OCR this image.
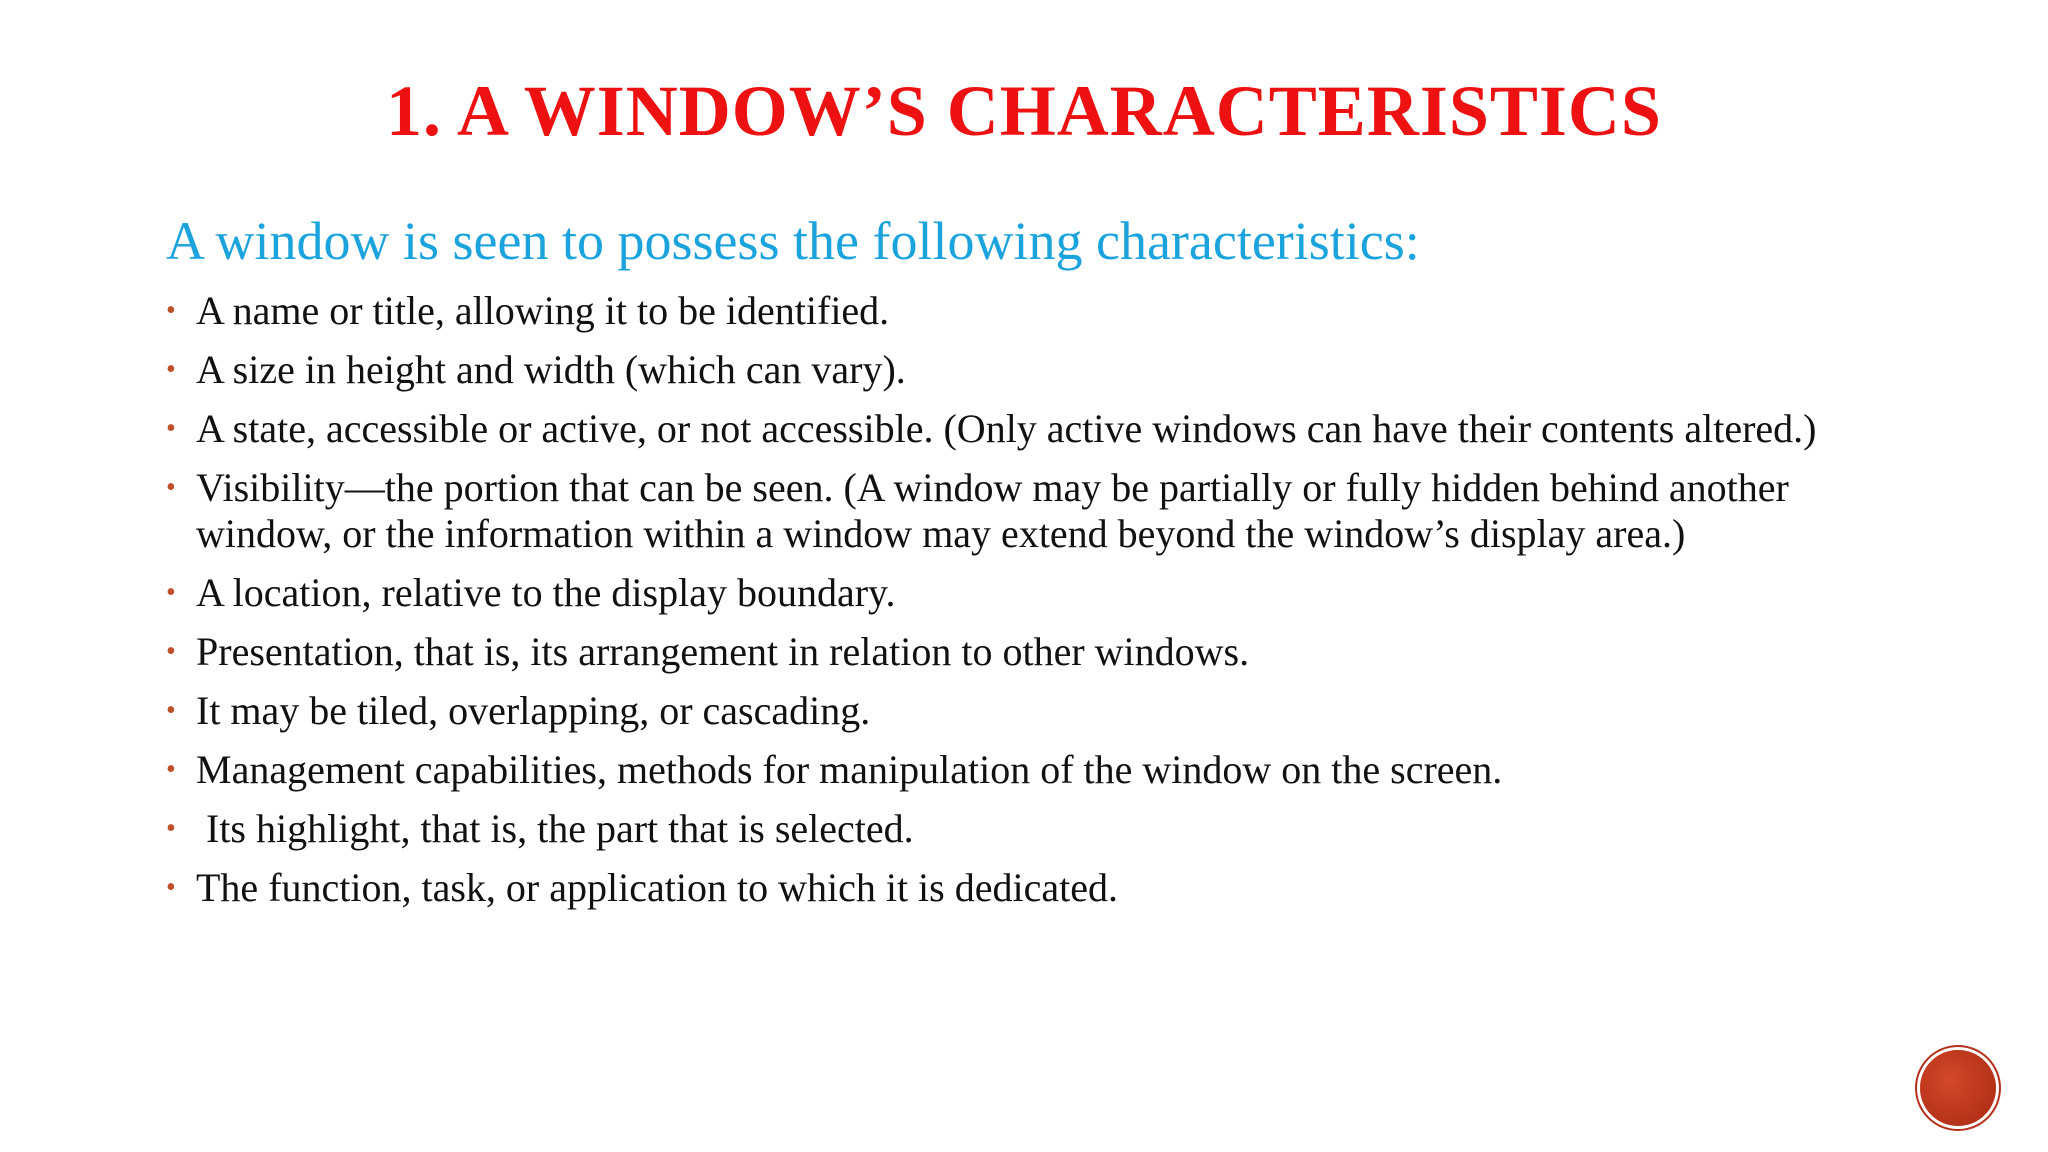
1. A WINDOW’S CHARACTERISTICS

A window is seen to possess the following characteristics:

• A name or title, allowing it to be identified.
• A size in height and width (which can vary).
• A state, accessible or active, or not accessible. (Only active windows can have their contents altered.)
• Visibility—the portion that can be seen. (A window may be partially or fully hidden behind another window, or the information within a window may extend beyond the window’s display area.)
• A location, relative to the display boundary.
• Presentation, that is, its arrangement in relation to other windows.
• It may be tiled, overlapping, or cascading.
• Management capabilities, methods for manipulation of the window on the screen.
• Its highlight, that is, the part that is selected.
• The function, task, or application to which it is dedicated.
